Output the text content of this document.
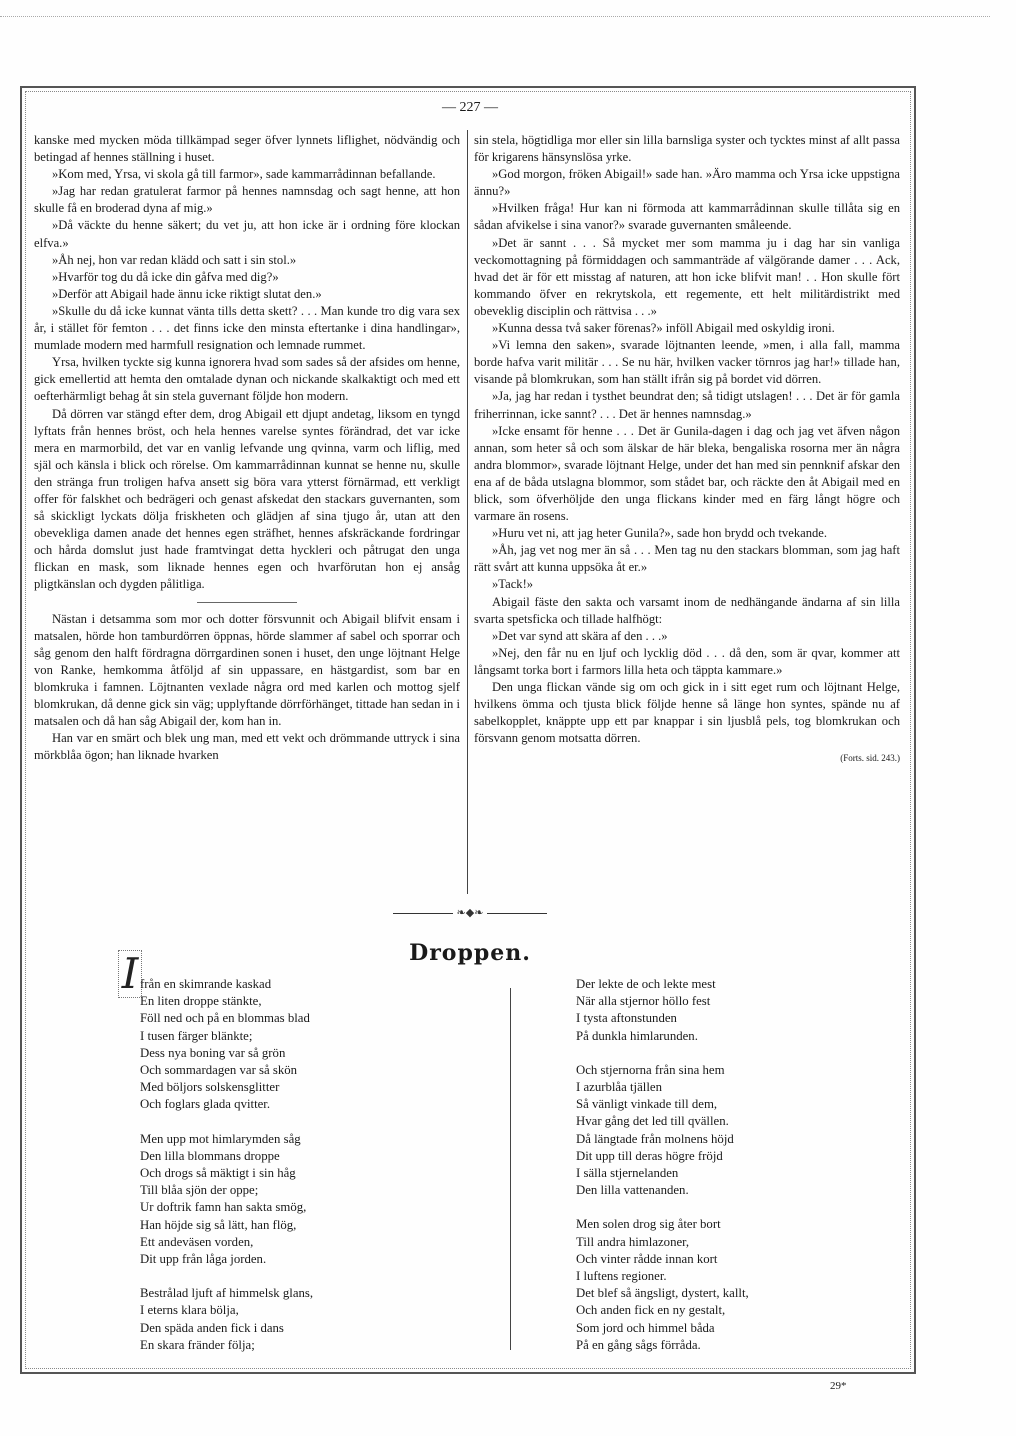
— 227 —

kanske med mycken möda tillkämpad seger öfver lynnets liflighet, nödvändig och betingad af hennes ställning i huset.

»Kom med, Yrsa, vi skola gå till farmor», sade kammarrådinnan befallande.

»Jag har redan gratulerat farmor på hennes namnsdag och sagt henne, att hon skulle få en broderad dyna af mig.»

»Då väckte du henne säkert; du vet ju, att hon icke är i ordning före klockan elfva.»

»Åh nej, hon var redan klädd och satt i sin stol.»

»Hvarför tog du då icke din gåfva med dig?»

»Derför att Abigail hade ännu icke riktigt slutat den.»

»Skulle du då icke kunnat vänta tills detta skett? . . . Man kunde tro dig vara sex år, i stället för femton . . . det finns icke den minsta eftertanke i dina handlingar», mumlade modern med harmfull resignation och lemnade rummet.

Yrsa, hvilken tyckte sig kunna ignorera hvad som sades så der afsides om henne, gick emellertid att hemta den omtalade dynan och nickande skalkaktigt och med ett oefterhärmligt behag åt sin stela guvernant följde hon modern.

Då dörren var stängd efter dem, drog Abigail ett djupt andetag, liksom en tyngd lyftats från hennes bröst, och hela hennes varelse syntes förändrad, det var icke mera en marmorbild, det var en vanlig lefvande ung qvinna, varm och liflig, med själ och känsla i blick och rörelse. Om kammarrådinnan kunnat se henne nu, skulle den stränga frun troligen hafva ansett sig böra vara ytterst förnärmad, ett verkligt offer för falskhet och bedrägeri och genast afskedat den stackars guvernanten, som så skickligt lyckats dölja friskheten och glädjen af sina tjugo år, utan att den obevekliga damen anade det hennes egen sträfhet, hennes afskräckande fordringar och hårda domslut just hade framtvingat detta hyckleri och påtrugat den unga flickan en mask, som liknade hennes egen och hvarförutan hon ej ansåg pligtkänslan och dygden pålitliga.

Nästan i detsamma som mor och dotter försvunnit och Abigail blifvit ensam i matsalen, hörde hon tamburdörren öppnas, hörde slammer af sabel och sporrar och såg genom den halft fördragna dörrgardinen sonen i huset, den unge löjtnant Helge von Ranke, hemkomma åtföljd af sin uppassare, en hästgardist, som bar en blomkruka i famnen. Löjtnanten vexlade några ord med karlen och mottog sjelf blomkrukan, då denne gick sin väg; upplyftande dörrförhänget, tittade han sedan in i matsalen och då han såg Abigail der, kom han in.

Han var en smärt och blek ung man, med ett vekt och drömmande uttryck i sina mörkblåa ögon; han liknade hvarken

sin stela, högtidliga mor eller sin lilla barnsliga syster och tycktes minst af allt passa för krigarens hänsynslösa yrke.

»God morgon, fröken Abigail!» sade han. »Äro mamma och Yrsa icke uppstigna ännu?»

»Hvilken fråga! Hur kan ni förmoda att kammarrådinnan skulle tillåta sig en sådan afvikelse i sina vanor?» svarade guvernanten småleende.

»Det är sannt . . . Så mycket mer som mamma ju i dag har sin vanliga veckomottagning på förmiddagen och sammanträde af välgörande damer . . . Ack, hvad det är för ett misstag af naturen, att hon icke blifvit man! . . Hon skulle fört kommando öfver en rekrytskola, ett regemente, ett helt militärdistrikt med obeveklig disciplin och rättvisa . . .»

»Kunna dessa två saker förenas?» inföll Abigail med oskyldig ironi.

»Vi lemna den saken», svarade löjtnanten leende, »men, i alla fall, mamma borde hafva varit militär . . . Se nu här, hvilken vacker törnros jag har!» tillade han, visande på blomkrukan, som han ställt ifrån sig på bordet vid dörren.

»Ja, jag har redan i tysthet beundrat den; så tidigt utslagen! . . . Det är för gamla friherrinnan, icke sannt? . . . Det är hennes namnsdag.»

»Icke ensamt för henne . . . Det är Gunila-dagen i dag och jag vet äfven någon annan, som heter så och som älskar de här bleka, bengaliska rosorna mer än några andra blommor», svarade löjtnant Helge, under det han med sin pennknif afskar den ena af de båda utslagna blommor, som stådet bar, och räckte den åt Abigail med en blick, som öfverhöljde den unga flickans kinder med en färg långt högre och varmare än rosens.

»Huru vet ni, att jag heter Gunila?», sade hon brydd och tvekande.

»Åh, jag vet nog mer än så . . . Men tag nu den stackars blomman, som jag haft rätt svårt att kunna uppsöka åt er.»

»Tack!»

Abigail fäste den sakta och varsamt inom de nedhängande ändarna af sin lilla svarta spetsficka och tillade halfhögt:

»Det var synd att skära af den . . .»

»Nej, den får nu en ljuf och lycklig död . . . då den, som är qvar, kommer att långsamt torka bort i farmors lilla heta och täppta kammare.»

Den unga flickan vände sig om och gick in i sitt eget rum och löjtnant Helge, hvilkens ömma och tjusta blick följde henne så länge hon syntes, spände nu af sabelkopplet, knäppte upp ett par knappar i sin ljusblå pels, tog blomkrukan och försvann genom motsatta dörren.

(Forts. sid. 243.)
❧◆❧
Droppen.
I från en skimrande kaskad
En liten droppe stänkte,
Föll ned och på en blommas blad
I tusen färger blänkte;
Dess nya boning var så grön
Och sommardagen var så skön
Med böljors solskensglitter
Och foglars glada qvitter.
Men upp mot himlarymden såg
Den lilla blommans droppe
Och drogs så mäktigt i sin håg
Till blåa sjön der oppe;
Ur doftrik famn han sakta smög,
Han höjde sig så lätt, han flög,
Ett andeväsen vorden,
Dit upp från låga jorden.
Bestrålad ljuft af himmelsk glans,
I eterns klara bölja,
Den späda anden fick i dans
En skara fränder följa;
Der lekte de och lekte mest
När alla stjernor höllo fest
I tysta aftonstunden
På dunkla himlarunden.
Och stjernorna från sina hem
I azurblåa tjällen
Så vänligt vinkade till dem,
Hvar gång det led till qvällen.
Då längtade från molnens höjd
Dit upp till deras högre fröjd
I sälla stjernelanden
Den lilla vattenanden.
Men solen drog sig åter bort
Till andra himlazoner,
Och vinter rådde innan kort
I luftens regioner.
Det blef så ängsligt, dystert, kallt,
Och anden fick en ny gestalt,
Som jord och himmel båda
På en gång sågs förråda.
29*
